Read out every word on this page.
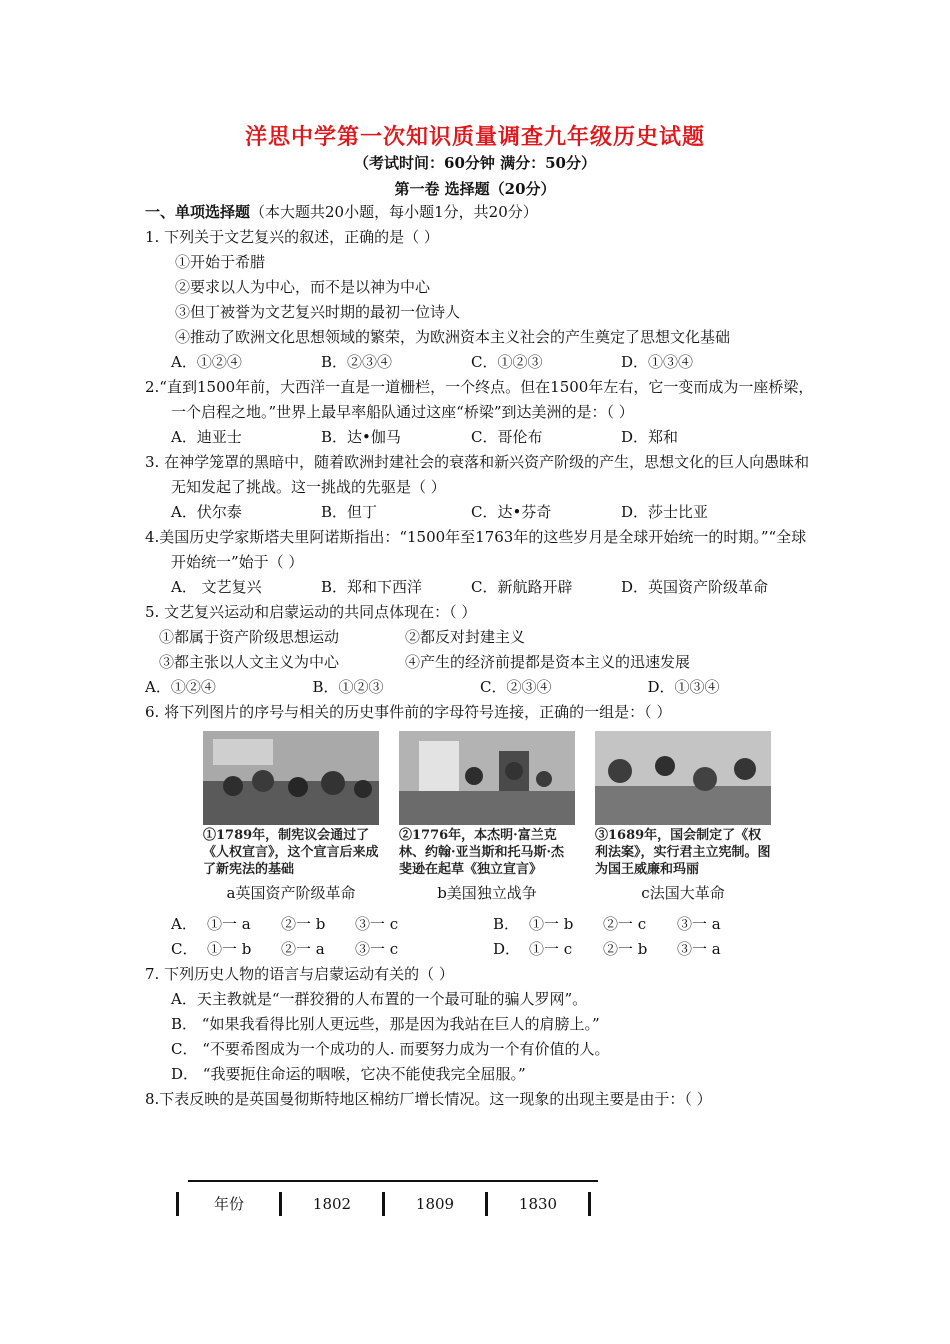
洋思中学第一次知识质量调查九年级历史试题
（考试时间：60分钟 满分：50分）
第一卷 选择题（20分）
一、单项选择题（本大题共20小题，每小题1分，共20分）
1. 下列关于文艺复兴的叙述，正确的是（ ）
①开始于希腊
②要求以人为中心，而不是以神为中心
③但丁被誉为文艺复兴时期的最初一位诗人
④推动了欧洲文化思想领域的繁荣，为欧洲资本主义社会的产生奠定了思想文化基础
A．①②④	B．②③④	C．①②③	D．①③④
2.“直到1500年前，大西洋一直是一道栅栏，一个终点。但在1500年左右，它一变而成为一座桥梁，一个启程之地。”世界上最早率船队通过这座“桥梁”到达美洲的是：（ ）
A．迪亚士	B．达•伽马	C．哥伦布	D．郑和
3. 在神学笼罩的黑暗中，随着欧洲封建社会的衰落和新兴资产阶级的产生，思想文化的巨人向愚昧和无知发起了挑战。这一挑战的先驱是（ ）
A．伏尔泰	B．但丁	C．达•芬奇	D．莎士比亚
4.美国历史学家斯塔夫里阿诺斯指出：“1500年至1763年的这些岁月是全球开始统一的时期。”“全球开始统一”始于（ ）
A． 文艺复兴	B．郑和下西洋	C．新航路开辟	D．英国资产阶级革命
5. 文艺复兴运动和启蒙运动的共同点体现在：（ ）
①都属于资产阶级思想运动	②都反对封建主义
③都主张以人文主义为中心	④产生的经济前提都是资本主义的迅速发展
A．①②④	B．①②③	C．②③④	D．①③④
6. 将下列图片的序号与相关的历史事件前的字母符号连接，正确的一组是：（ ）
①1789年，制宪议会通过了《人权宣言》，这个宣言后来成了新宪法的基础
a英国资产阶级革命
②1776年，本杰明·富兰克林、约翰·亚当斯和托马斯·杰斐逊在起草《独立宣言》
b美国独立战争
③1689年，国会制定了《权利法案》，实行君主立宪制。图为国王威廉和玛丽
c法国大革命
A． ①一 a	②一 b	③一 c	B． ①一 b	②一 c	③一 a
C． ①一 b	②一 a	③一 c	D． ①一 c	②一 b	③一 a
7. 下列历史人物的语言与启蒙运动有关的（ ）
A．天主教就是“一群狡猾的人布置的一个最可耻的骗人罗网”。
B． “如果我看得比别人更远些，那是因为我站在巨人的肩膀上。”
C． “不要希图成为一个成功的人. 而要努力成为一个有价值的人。
D． “我要扼住命运的咽喉，它决不能使我完全屈服。”
8.下表反映的是英国曼彻斯特地区棉纺厂增长情况。这一现象的出现主要是由于：（ ）
年份	1802	1809	1830
